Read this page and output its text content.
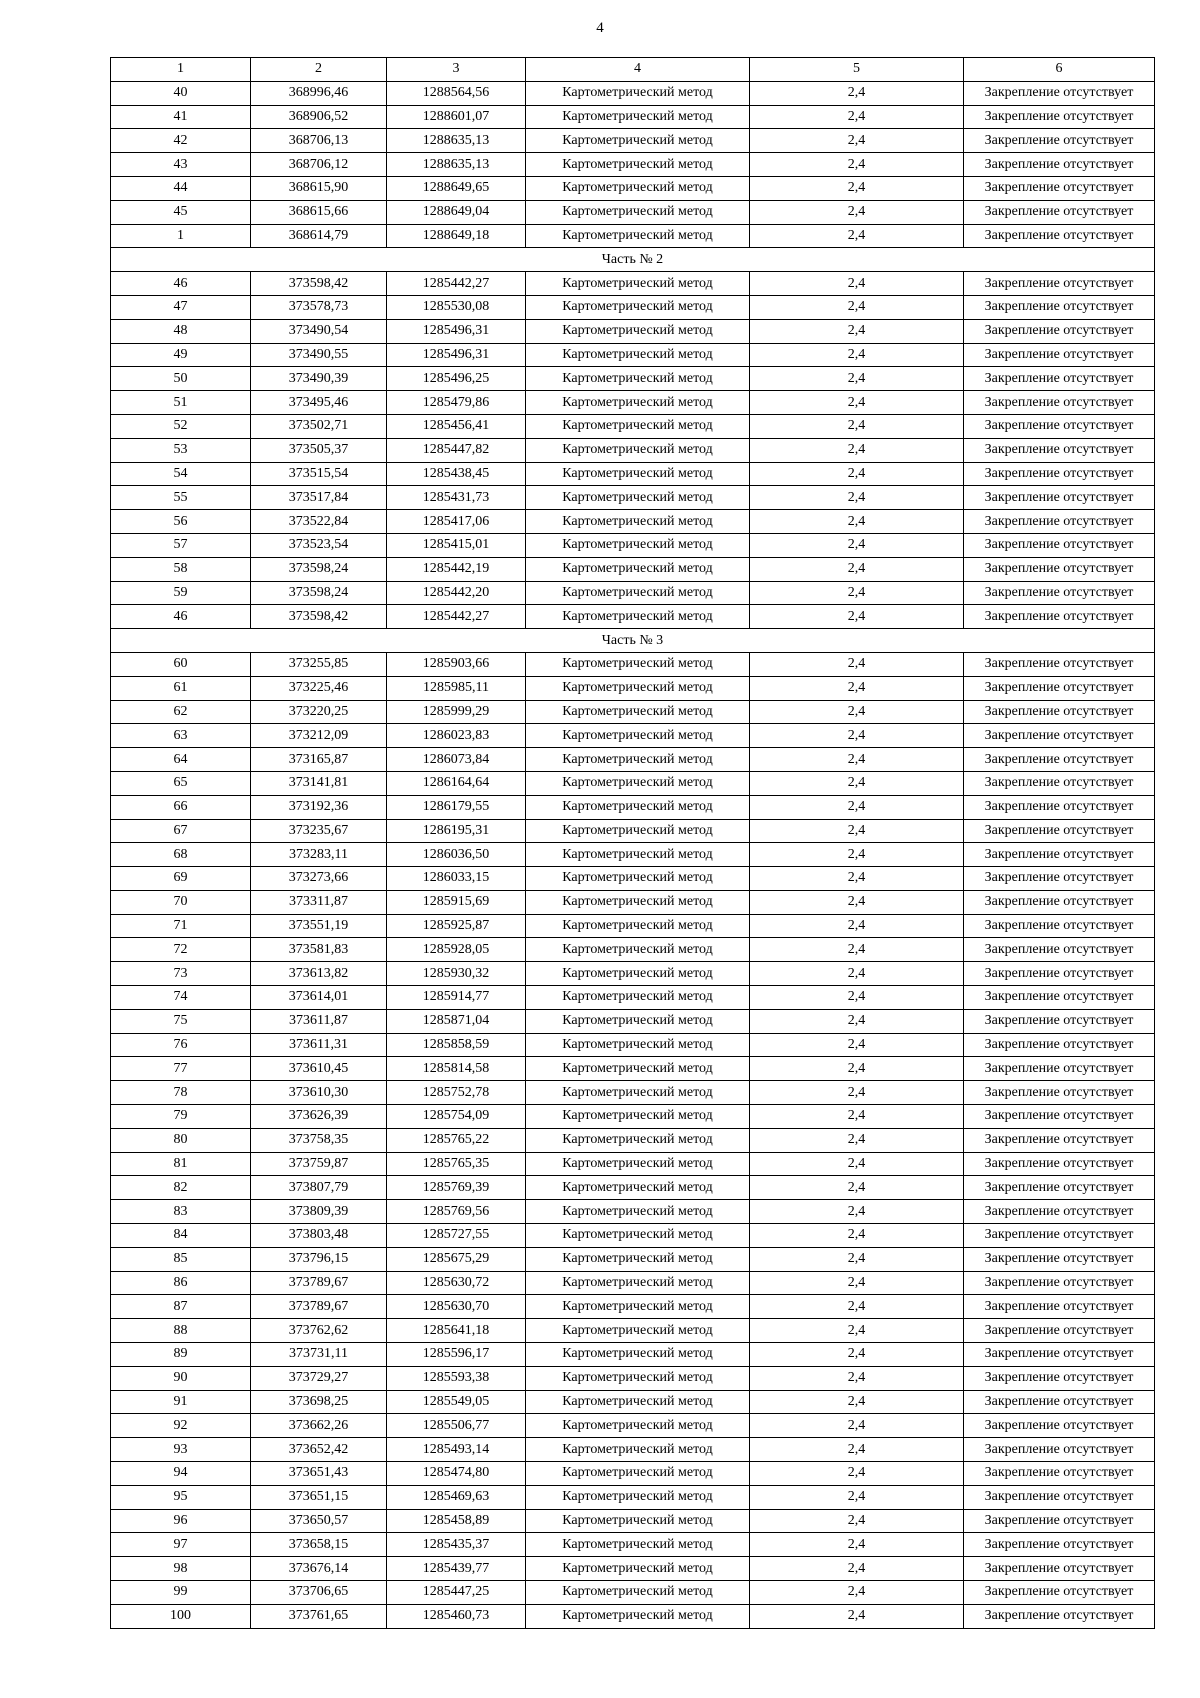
4
1	2	3	4	5	6
40	368996,46	1288564,56	Картометрический метод	2,4	Закрепление отсутствует
41	368906,52	1288601,07	Картометрический метод	2,4	Закрепление отсутствует
42	368706,13	1288635,13	Картометрический метод	2,4	Закрепление отсутствует
43	368706,12	1288635,13	Картометрический метод	2,4	Закрепление отсутствует
44	368615,90	1288649,65	Картометрический метод	2,4	Закрепление отсутствует
45	368615,66	1288649,04	Картометрический метод	2,4	Закрепление отсутствует
1	368614,79	1288649,18	Картометрический метод	2,4	Закрепление отсутствует
Часть № 2					
46	373598,42	1285442,27	Картометрический метод	2,4	Закрепление отсутствует
47	373578,73	1285530,08	Картометрический метод	2,4	Закрепление отсутствует
48	373490,54	1285496,31	Картометрический метод	2,4	Закрепление отсутствует
49	373490,55	1285496,31	Картометрический метод	2,4	Закрепление отсутствует
50	373490,39	1285496,25	Картометрический метод	2,4	Закрепление отсутствует
51	373495,46	1285479,86	Картометрический метод	2,4	Закрепление отсутствует
52	373502,71	1285456,41	Картометрический метод	2,4	Закрепление отсутствует
53	373505,37	1285447,82	Картометрический метод	2,4	Закрепление отсутствует
54	373515,54	1285438,45	Картометрический метод	2,4	Закрепление отсутствует
55	373517,84	1285431,73	Картометрический метод	2,4	Закрепление отсутствует
56	373522,84	1285417,06	Картометрический метод	2,4	Закрепление отсутствует
57	373523,54	1285415,01	Картометрический метод	2,4	Закрепление отсутствует
58	373598,24	1285442,19	Картометрический метод	2,4	Закрепление отсутствует
59	373598,24	1285442,20	Картометрический метод	2,4	Закрепление отсутствует
46	373598,42	1285442,27	Картометрический метод	2,4	Закрепление отсутствует
Часть № 3					
60	373255,85	1285903,66	Картометрический метод	2,4	Закрепление отсутствует
61	373225,46	1285985,11	Картометрический метод	2,4	Закрепление отсутствует
62	373220,25	1285999,29	Картометрический метод	2,4	Закрепление отсутствует
63	373212,09	1286023,83	Картометрический метод	2,4	Закрепление отсутствует
64	373165,87	1286073,84	Картометрический метод	2,4	Закрепление отсутствует
65	373141,81	1286164,64	Картометрический метод	2,4	Закрепление отсутствует
66	373192,36	1286179,55	Картометрический метод	2,4	Закрепление отсутствует
67	373235,67	1286195,31	Картометрический метод	2,4	Закрепление отсутствует
68	373283,11	1286036,50	Картометрический метод	2,4	Закрепление отсутствует
69	373273,66	1286033,15	Картометрический метод	2,4	Закрепление отсутствует
70	373311,87	1285915,69	Картометрический метод	2,4	Закрепление отсутствует
71	373551,19	1285925,87	Картометрический метод	2,4	Закрепление отсутствует
72	373581,83	1285928,05	Картометрический метод	2,4	Закрепление отсутствует
73	373613,82	1285930,32	Картометрический метод	2,4	Закрепление отсутствует
74	373614,01	1285914,77	Картометрический метод	2,4	Закрепление отсутствует
75	373611,87	1285871,04	Картометрический метод	2,4	Закрепление отсутствует
76	373611,31	1285858,59	Картометрический метод	2,4	Закрепление отсутствует
77	373610,45	1285814,58	Картометрический метод	2,4	Закрепление отсутствует
78	373610,30	1285752,78	Картометрический метод	2,4	Закрепление отсутствует
79	373626,39	1285754,09	Картометрический метод	2,4	Закрепление отсутствует
80	373758,35	1285765,22	Картометрический метод	2,4	Закрепление отсутствует
81	373759,87	1285765,35	Картометрический метод	2,4	Закрепление отсутствует
82	373807,79	1285769,39	Картометрический метод	2,4	Закрепление отсутствует
83	373809,39	1285769,56	Картометрический метод	2,4	Закрепление отсутствует
84	373803,48	1285727,55	Картометрический метод	2,4	Закрепление отсутствует
85	373796,15	1285675,29	Картометрический метод	2,4	Закрепление отсутствует
86	373789,67	1285630,72	Картометрический метод	2,4	Закрепление отсутствует
87	373789,67	1285630,70	Картометрический метод	2,4	Закрепление отсутствует
88	373762,62	1285641,18	Картометрический метод	2,4	Закрепление отсутствует
89	373731,11	1285596,17	Картометрический метод	2,4	Закрепление отсутствует
90	373729,27	1285593,38	Картометрический метод	2,4	Закрепление отсутствует
91	373698,25	1285549,05	Картометрический метод	2,4	Закрепление отсутствует
92	373662,26	1285506,77	Картометрический метод	2,4	Закрепление отсутствует
93	373652,42	1285493,14	Картометрический метод	2,4	Закрепление отсутствует
94	373651,43	1285474,80	Картометрический метод	2,4	Закрепление отсутствует
95	373651,15	1285469,63	Картометрический метод	2,4	Закрепление отсутствует
96	373650,57	1285458,89	Картометрический метод	2,4	Закрепление отсутствует
97	373658,15	1285435,37	Картометрический метод	2,4	Закрепление отсутствует
98	373676,14	1285439,77	Картометрический метод	2,4	Закрепление отсутствует
99	373706,65	1285447,25	Картометрический метод	2,4	Закрепление отсутствует
100	373761,65	1285460,73	Картометрический метод	2,4	Закрепление отсутствует
